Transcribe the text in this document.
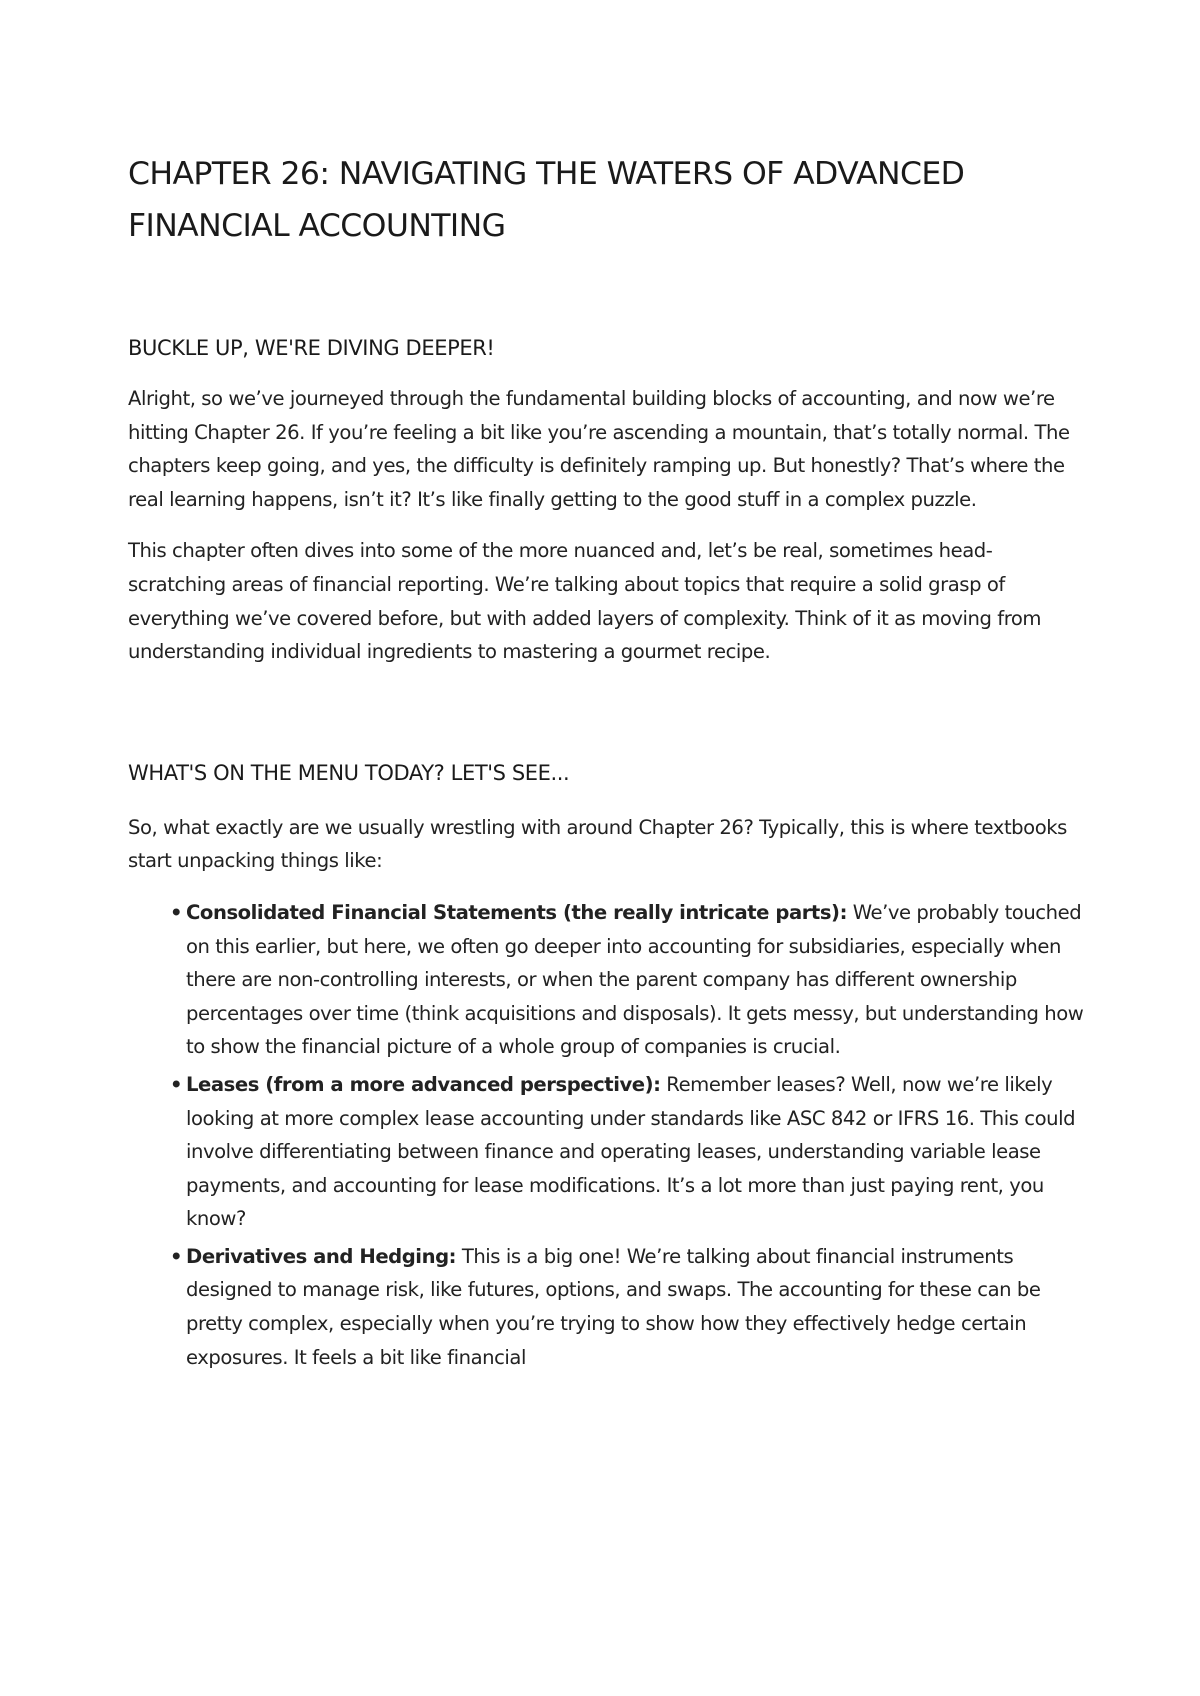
CHAPTER 26: NAVIGATING THE WATERS OF ADVANCED FINANCIAL ACCOUNTING
BUCKLE UP, WE'RE DIVING DEEPER!

Alright, so we’ve journeyed through the fundamental building blocks of accounting, and now we’re hitting Chapter 26. If you’re feeling a bit like you’re ascending a mountain, that’s totally normal. The chapters keep going, and yes, the difficulty is definitely ramping up. But honestly? That’s where the real learning happens, isn’t it? It’s like finally getting to the good stuff in a complex puzzle.

This chapter often dives into some of the more nuanced and, let’s be real, sometimes head-scratching areas of financial reporting. We’re talking about topics that require a solid grasp of everything we’ve covered before, but with added layers of complexity. Think of it as moving from understanding individual ingredients to mastering a gourmet recipe.

WHAT'S ON THE MENU TODAY? LET'S SEE...

So, what exactly are we usually wrestling with around Chapter 26? Typically, this is where textbooks start unpacking things like:

• Consolidated Financial Statements (the really intricate parts): We’ve probably touched on this earlier, but here, we often go deeper into accounting for subsidiaries, especially when there are non-controlling interests, or when the parent company has different ownership percentages over time (think acquisitions and disposals). It gets messy, but understanding how to show the financial picture of a whole group of companies is crucial.
• Leases (from a more advanced perspective): Remember leases? Well, now we’re likely looking at more complex lease accounting under standards like ASC 842 or IFRS 16. This could involve differentiating between finance and operating leases, understanding variable lease payments, and accounting for lease modifications. It’s a lot more than just paying rent, you know?
• Derivatives and Hedging: This is a big one! We’re talking about financial instruments designed to manage risk, like futures, options, and swaps. The accounting for these can be pretty complex, especially when you’re trying to show how they effectively hedge certain exposures. It feels a bit like financial
